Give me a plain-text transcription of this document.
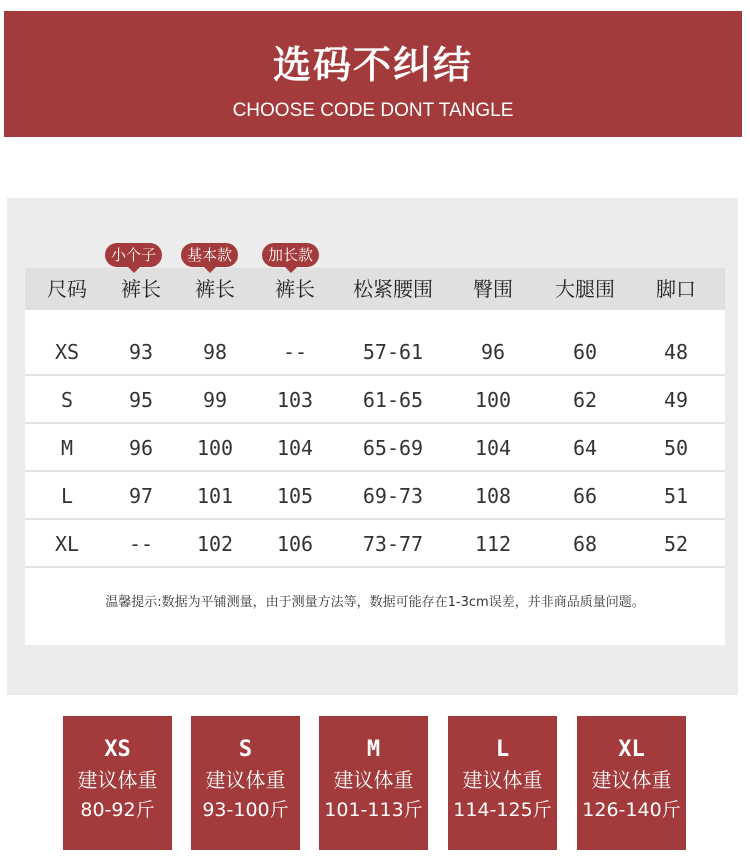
选码不纠结
CHOOSE CODE DONT TANGLE
尺码	裤长	裤长	裤长	松紧腰围	臀围	大腿围	脚口
XS	93	98	--	57-61	96	60	48
S	95	99	103	61-65	100	62	49
M	96	100	104	65-69	104	64	50
L	97	101	105	69-73	108	66	51
XL	--	102	106	73-77	112	68	52
温馨提示:数据为平铺测量，由于测量方法等，数据可能存在1-3cm误差，并非商品质量问题。
小个子	基本款	加长款
XS
建议体重
80-92斤
S
建议体重
93-100斤
M
建议体重
101-113斤
L
建议体重
114-125斤
XL
建议体重
126-140斤
